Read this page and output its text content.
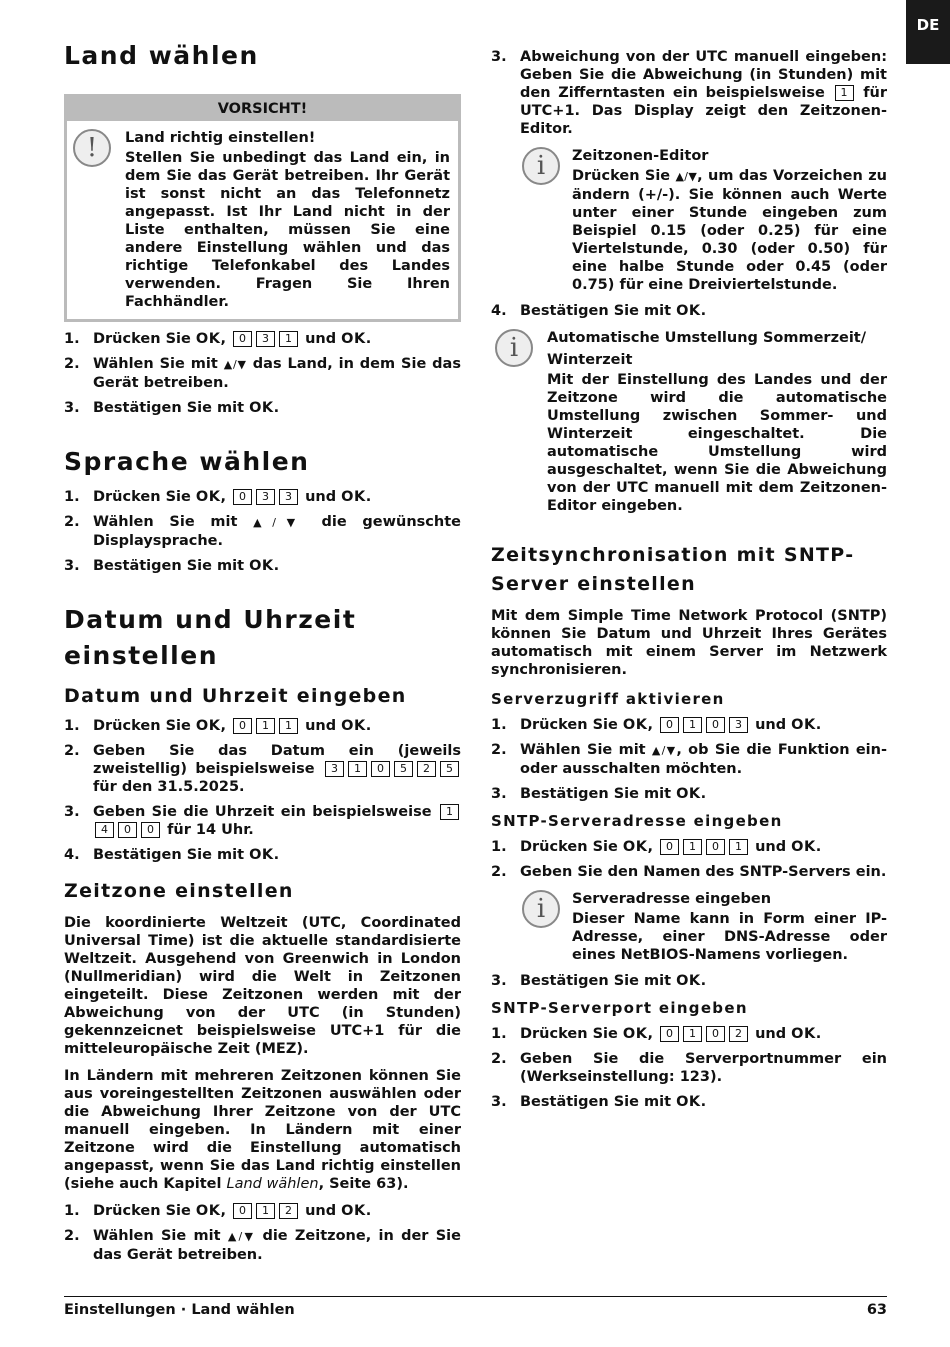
DE
Land wählen
VORSICHT!
!	Land richtig einstellen!

Stellen Sie unbedingt das Land ein, in dem Sie das Gerät betreiben. Ihr Gerät ist sonst nicht an das Telefonnetz angepasst. Ist Ihr Land nicht in der Liste enthalten, müssen Sie eine andere Einstellung wählen und das richtige Telefonkabel des Landes verwenden. Fragen Sie Ihren Fachhändler.

1. Drücken Sie OK, 0 3 1 und OK.
2. Wählen Sie mit ▲/▼ das Land, in dem Sie das Gerät betreiben.
3. Bestätigen Sie mit OK.
Sprache wählen
1. Drücken Sie OK, 0 3 3 und OK.
2. Wählen Sie mit ▲/▼ die gewünschte Displaysprache.
3. Bestätigen Sie mit OK.
Datum und Uhrzeit einstellen
Datum und Uhrzeit eingeben
1. Drücken Sie OK, 0 1 1 und OK.
2. Geben Sie das Datum ein (jeweils zweistellig) beispielsweise 3 1 0 5 2 5 für den 31.5.2025.
3. Geben Sie die Uhrzeit ein beispielsweise 14 0 0 für 14 Uhr.
4. Bestätigen Sie mit OK.
Zeitzone einstellen

Die koordinierte Weltzeit (UTC, Coordinated Universal Time) ist die aktuelle standardisierte Weltzeit. Ausgehend von Greenwich in London (Nullmeridian) wird die Welt in Zeitzonen eingeteilt. Diese Zeitzonen werden mit der Abweichung von der UTC (in Stunden) gekennzeicnet beispielsweise UTC+1 für die mitteleuropäische Zeit (MEZ).

In Ländern mit mehreren Zeitzonen können Sie aus voreingestellten Zeitzonen auswählen oder die Abweichung Ihrer Zeitzone von der UTC manuell eingeben. In Ländern mit einer Zeitzone wird die Einstellung automatisch angepasst, wenn Sie das Land richtig einstellen (siehe auch Kapitel Land wählen, Seite 63).

1. Drücken Sie OK, 0 1 2 und OK.
2. Wählen Sie mit ▲/▼ die Zeitzone, in der Sie das Gerät betreiben.
3. Abweichung von der UTC manuell eingeben: Geben Sie die Abweichung (in Stunden) mit den Zifferntasten ein beispielsweise 1 für UTC+1. Das Display zeigt den Zeitzonen-Editor.
i	Zeitzonen-Editor

Drücken Sie ▲/▼, um das Vorzeichen zu ändern (+/-). Sie können auch Werte unter einer Stunde eingeben zum Beispiel 0.15 (oder 0.25) für eine Viertelstunde, 0.30 (oder 0.50) für eine halbe Stunde oder 0.45 (oder 0.75) für eine Dreiviertelstunde.

4. Bestätigen Sie mit OK.
i	Automatische Umstellung Sommerzeit/ Winterzeit

Mit der Einstellung des Landes und der Zeitzone wird die automatische Umstellung zwischen Sommer- und Winterzeit eingeschaltet. Die automatische Umstellung wird ausgeschaltet, wenn Sie die Abweichung von der UTC manuell mit dem Zeitzonen-Editor eingeben.

Zeitsynchronisation mit SNTP-Server einstellen

Mit dem Simple Time Network Protocol (SNTP) können Sie Datum und Uhrzeit Ihres Gerätes automatisch mit einem Server im Netzwerk synchronisieren.

Serverzugriff aktivieren
1. Drücken Sie OK, 0 1 0 3 und OK.
2. Wählen Sie mit ▲/▼, ob Sie die Funktion ein- oder ausschalten möchten.
3. Bestätigen Sie mit OK.
SNTP-Serveradresse eingeben
1. Drücken Sie OK, 0 1 0 1 und OK.
2. Geben Sie den Namen des SNTP-Servers ein.
i	Serveradresse eingeben

Dieser Name kann in Form einer IP-Adresse, einer DNS-Adresse oder eines NetBIOS-Namens vorliegen.

3. Bestätigen Sie mit OK.
SNTP-Serverport eingeben
1. Drücken Sie OK, 0 1 0 2 und OK.
2. Geben Sie die Serverportnummer ein (Werkseinstellung: 123).
3. Bestätigen Sie mit OK.
Einstellungen · Land wählen	63
